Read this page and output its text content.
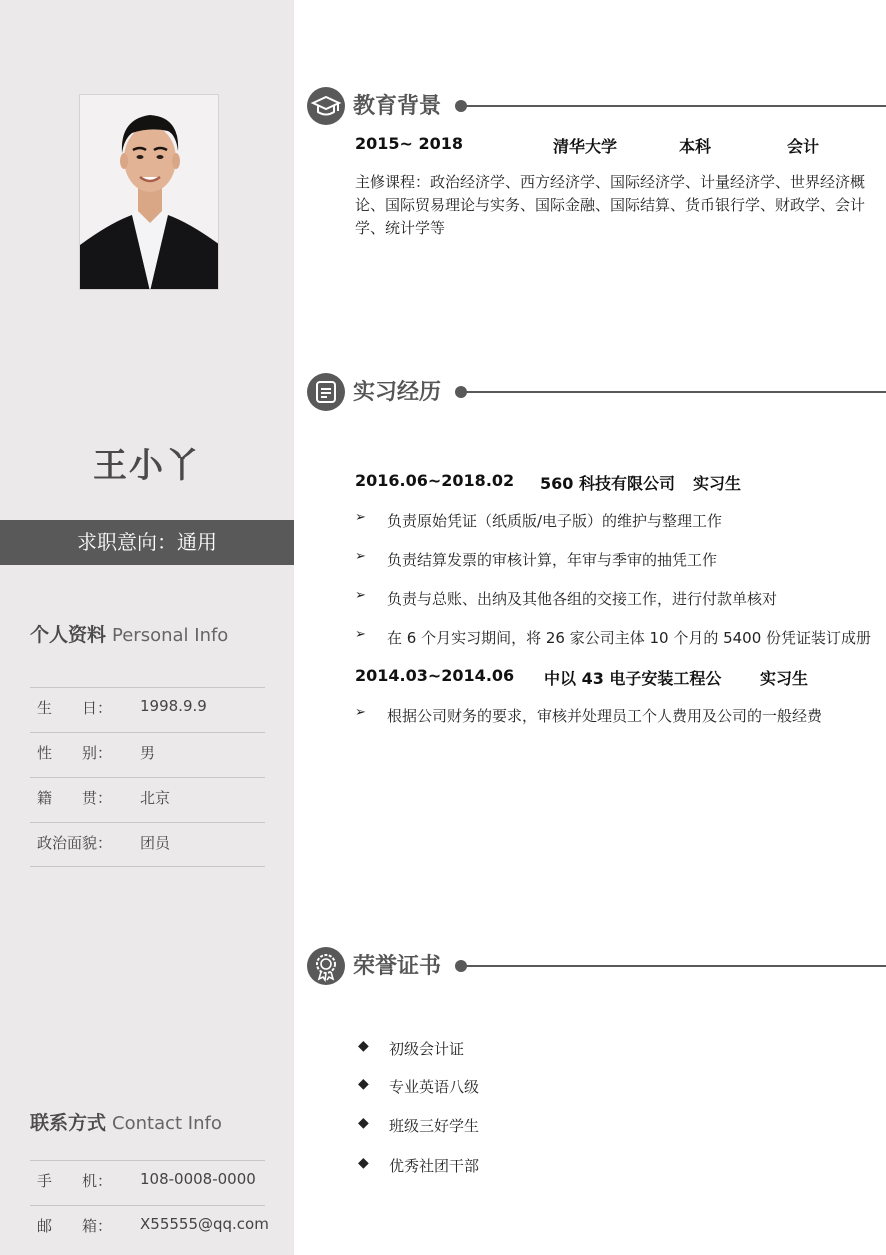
王小丫
求职意向：通用
个人资料 Personal Info
生　　日：	1998.9.9
性　　别：	男
籍　　贯：	北京
政治面貌：	团员
联系方式 Contact Info
手　　机：	108-0008-0000
邮　　箱：	X55555@qq.com
教育背景
2015~ 2018	清华大学	本科	会计
主修课程：政治经济学、西方经济学、国际经济学、计量经济学、世界经济概论、国际贸易理论与实务、国际金融、国际结算、货币银行学、财政学、会计学、统计学等
实习经历
2016.06~2018.02 560 科技有限公司 实习生
➢ 负责原始凭证（纸质版/电子版）的维护与整理工作
➢ 负责结算发票的审核计算，年审与季审的抽凭工作
➢ 负责与总账、出纳及其他各组的交接工作，进行付款单核对
➢ 在 6 个月实习期间，将 26 家公司主体 10 个月的 5400 份凭证装订成册
2014.03~2014.06 中以 43 电子安装工程公 实习生
➢ 根据公司财务的要求，审核并处理员工个人费用及公司的一般经费
荣誉证书
◆ 初级会计证
◆ 专业英语八级
◆ 班级三好学生
◆ 优秀社团干部
